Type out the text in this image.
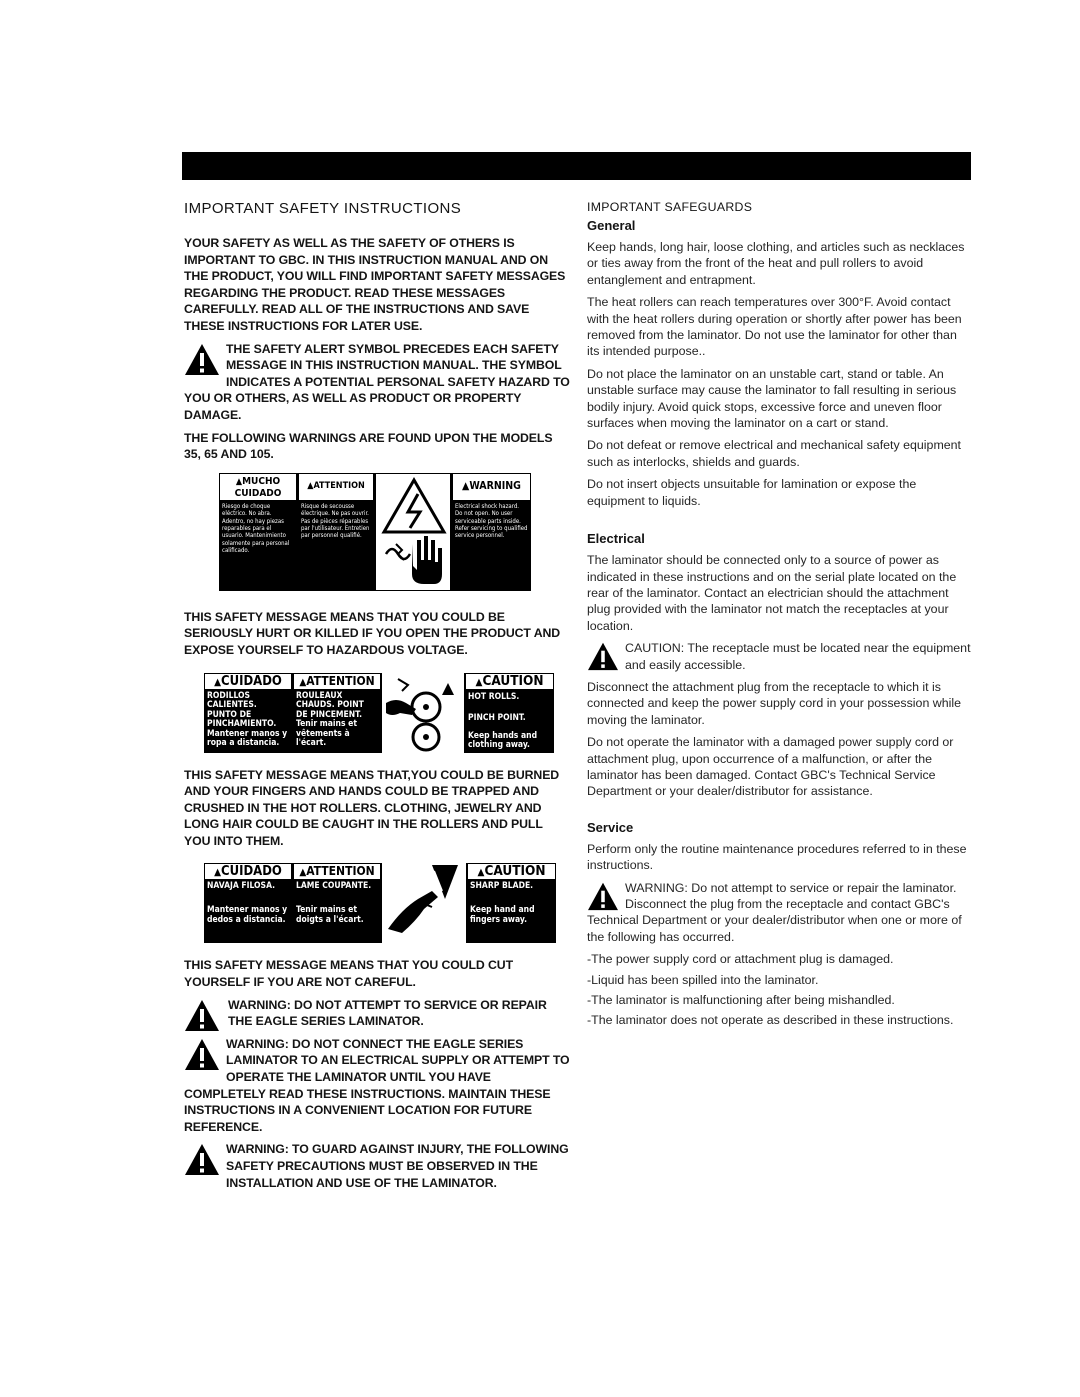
IMPORTANT SAFETY INSTRUCTIONS

YOUR SAFETY AS WELL AS THE SAFETY OF OTHERS IS IMPORTANT TO GBC. IN THIS INSTRUCTION MANUAL AND ON THE PRODUCT, YOU WILL FIND IMPORTANT SAFETY MESSAGES REGARDING THE PRODUCT. READ THESE MESSAGES CAREFULLY. READ ALL OF THE INSTRUCTIONS AND SAVE THESE INSTRUCTIONS FOR LATER USE.

THE SAFETY ALERT SYMBOL PRECEDES EACH SAFETY MESSAGE IN THIS INSTRUCTION MANUAL. THE SYMBOL INDICATES A POTENTIAL PERSONAL SAFETY HAZARD TO YOU OR OTHERS, AS WELL AS PRODUCT OR PROPERTY DAMAGE.

THE FOLLOWING WARNINGS ARE FOUND UPON THE MODELS 35, 65 AND 105.

▲MUCHO CUIDADO
Riesgo de choque eléctrico. No abra. Adentro, no hay piezas reparables para el usuario. Mantenimiento solamente para personal calificado.
▲ATTENTION
Risque de secousse électrique. Ne pas ouvrir. Pas de pièces réparables par l'utilisateur. Entretien par personnel qualifié.
▲WARNING
Electrical shock hazard. Do not open. No user serviceable parts inside. Refer servicing to qualified service personnel.

THIS SAFETY MESSAGE MEANS THAT YOU COULD BE SERIOUSLY HURT OR KILLED IF YOU OPEN THE PRODUCT AND EXPOSE YOURSELF TO HAZARDOUS VOLTAGE.

▲CUIDADO
RODILLOS CALIENTES. PUNTO DE PINCHAMIENTO. Mantener manos y ropa a distancia.
▲ATTENTION
ROULEAUX CHAUDS. POINT DE PINCEMENT. Tenir mains et vêtements à l'écart.
▲CAUTION
HOT ROLLS.
PINCH POINT.
Keep hands and clothing away.

THIS SAFETY MESSAGE MEANS THAT,YOU COULD BE BURNED AND YOUR FINGERS AND HANDS COULD BE TRAPPED AND CRUSHED IN THE HOT ROLLERS. CLOTHING, JEWELRY AND LONG HAIR COULD BE CAUGHT IN THE ROLLERS AND PULL YOU INTO THEM.

▲CUIDADO
NAVAJA FILOSA.
Mantener manos y dedos a distancia.
▲ATTENTION
LAME COUPANTE.
Tenir mains et doigts a l'écart.
▲CAUTION
SHARP BLADE.
Keep hand and fingers away.

THIS SAFETY MESSAGE MEANS THAT YOU COULD CUT YOURSELF IF YOU ARE NOT CAREFUL.

WARNING: DO NOT ATTEMPT TO SERVICE OR REPAIR THE EAGLE SERIES LAMINATOR.
WARNING: DO NOT CONNECT THE EAGLE SERIES LAMINATOR TO AN ELECTRICAL SUPPLY OR ATTEMPT TO OPERATE THE LAMINATOR UNTIL YOU HAVE COMPLETELY READ THESE INSTRUCTIONS. MAINTAIN THESE INSTRUCTIONS IN A CONVENIENT LOCATION FOR FUTURE REFERENCE.
WARNING: TO GUARD AGAINST INJURY, THE FOLLOWING SAFETY PRECAUTIONS MUST BE OBSERVED IN THE INSTALLATION AND USE OF THE LAMINATOR.
IMPORTANT SAFEGUARDS
General

Keep hands, long hair, loose clothing, and articles such as necklaces or ties away from the front of the heat and pull rollers to avoid entanglement and entrapment.

The heat rollers can reach temperatures over 300°F. Avoid contact with the heat rollers during operation or shortly after power has been removed from the laminator. Do not use the laminator for other than its intended purpose..

Do not place the laminator on an unstable cart, stand or table. An unstable surface may cause the laminator to fall resulting in serious bodily injury. Avoid quick stops, excessive force and uneven floor surfaces when moving the laminator on a cart or stand.

Do not defeat or remove electrical and mechanical safety equipment such as interlocks, shields and guards.

Do not insert objects unsuitable for lamination or expose the equipment to liquids.

Electrical

The laminator should be connected only to a source of power as indicated in these instructions and on the serial plate located on the rear of the laminator. Contact an electrician should the attachment plug provided with the laminator not match the receptacles at your location.

CAUTION: The receptacle must be located near the equipment and easily accessible.

Disconnect the attachment plug from the receptacle to which it is connected and keep the power supply cord in your possession while moving the laminator.

Do not operate the laminator with a damaged power supply cord or attachment plug, upon occurrence of a malfunction, or after the laminator has been damaged. Contact GBC's Technical Service Department or your dealer/distributor for assistance.

Service

Perform only the routine maintenance procedures referred to in these instructions.

WARNING: Do not attempt to service or repair the laminator. Disconnect the plug from the receptacle and contact GBC's Technical Department or your dealer/distributor when one or more of the following has occurred.

-The power supply cord or attachment plug is damaged.

-Liquid has been spilled into the laminator.

-The laminator is malfunctioning after being mishandled.

-The laminator does not operate as described in these instructions.
